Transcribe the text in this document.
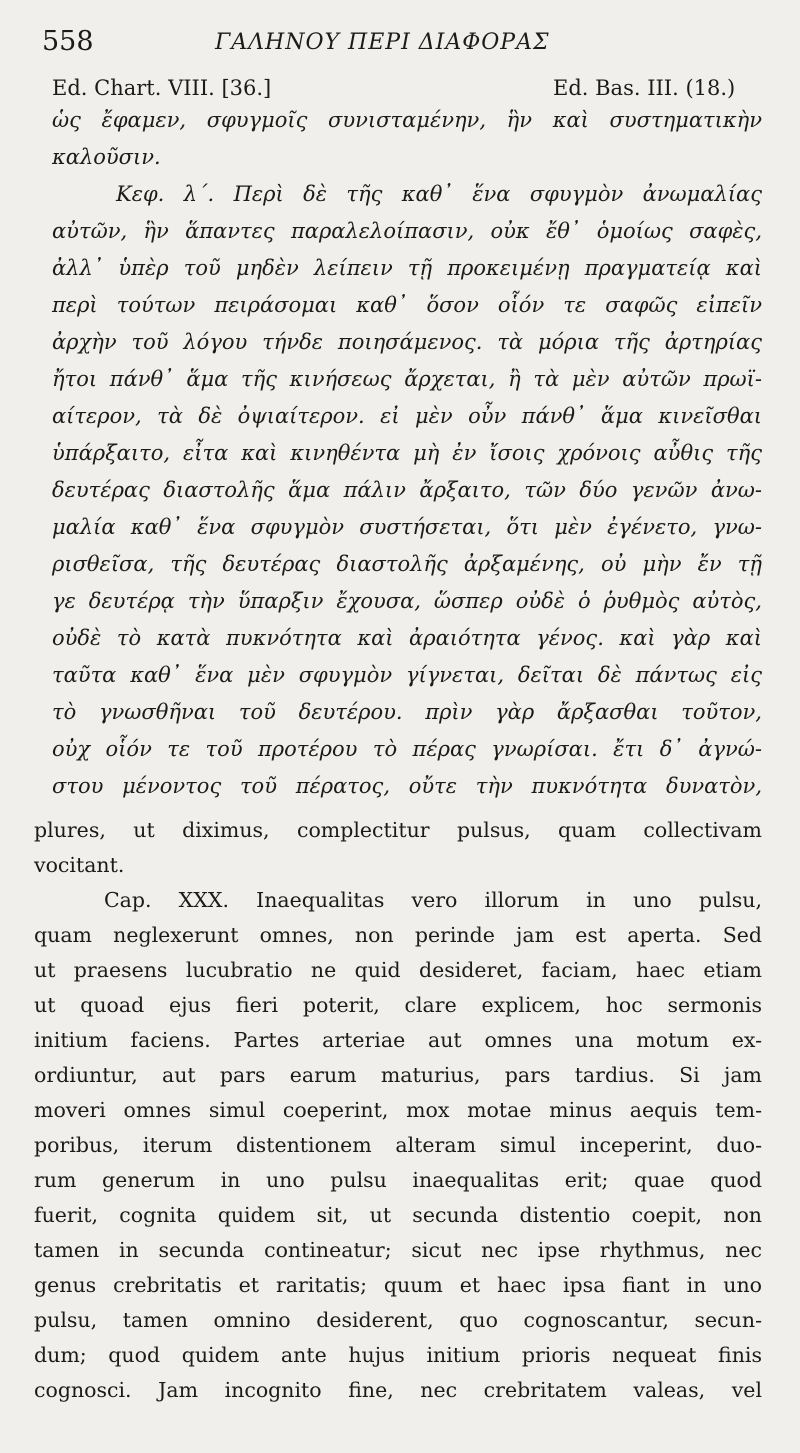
558	ΓΑΛΗΝΟΥ ΠΕΡΙ ΔΙΑΦΟΡΑΣ
Ed. Chart. VIII. [36.]	Ed. Bas. III. (18.)
ὡς ἔφαμεν, σφυγμοῖς συνισταμένην, ἣν καὶ συστηματικὴν
καλοῦσιν.
Κεφ. λ΄. Περὶ δὲ τῆς καθ᾽ ἕνα σφυγμὸν ἀνωμαλίας
αὐτῶν, ἣν ἅπαντες παραλελοίπασιν, οὐκ ἔθ᾽ ὁμοίως σαφὲς,
ἀλλ᾽ ὑπὲρ τοῦ μηδὲν λείπειν τῇ προκειμένῃ πραγματείᾳ καὶ
περὶ τούτων πειράσομαι καθ᾽ ὅσον οἷόν τε σαφῶς εἰπεῖν
ἀρχὴν τοῦ λόγου τήνδε ποιησάμενος. τὰ μόρια τῆς ἀρτηρίας
ἤτοι πάνθ᾽ ἅμα τῆς κινήσεως ἄρχεται, ἢ τὰ μὲν αὐτῶν πρωϊ-
αίτερον, τὰ δὲ ὀψιαίτερον. εἰ μὲν οὖν πάνθ᾽ ἅμα κινεῖσθαι
ὑπάρξαιτο, εἶτα καὶ κινηθέντα μὴ ἐν ἴσοις χρόνοις αὖθις τῆς
δευτέρας διαστολῆς ἅμα πάλιν ἄρξαιτο, τῶν δύο γενῶν ἀνω-
μαλία καθ᾽ ἕνα σφυγμὸν συστήσεται, ὅτι μὲν ἐγένετο, γνω-
ρισθεῖσα, τῆς δευτέρας διαστολῆς ἀρξαμένης, οὐ μὴν ἔν τῇ
γε δευτέρᾳ τὴν ὕπαρξιν ἔχουσα, ὥσπερ οὐδὲ ὁ ῥυθμὸς αὐτὸς,
οὐδὲ τὸ κατὰ πυκνότητα καὶ ἀραιότητα γένος. καὶ γὰρ καὶ
ταῦτα καθ᾽ ἕνα μὲν σφυγμὸν γίγνεται, δεῖται δὲ πάντως εἰς
τὸ γνωσθῆναι τοῦ δευτέρου. πρὶν γὰρ ἄρξασθαι τοῦτον,
οὐχ οἷόν τε τοῦ προτέρου τὸ πέρας γνωρίσαι. ἔτι δ᾽ ἀγνώ-
στου μένοντος τοῦ πέρατος, οὔτε τὴν πυκνότητα δυνατὸν,
plures, ut diximus, complectitur pulsus, quam collectivam
vocitant.
Cap. XXX. Inaequalitas vero illorum in uno pulsu,
quam neglexerunt omnes, non perinde jam est aperta. Sed
ut praesens lucubratio ne quid desideret, faciam, haec etiam
ut quoad ejus fieri poterit, clare explicem, hoc sermonis
initium faciens. Partes arteriae aut omnes una motum ex-
ordiuntur, aut pars earum maturius, pars tardius. Si jam
moveri omnes simul coeperint, mox motae minus aequis tem-
poribus, iterum distentionem alteram simul inceperint, duo-
rum generum in uno pulsu inaequalitas erit; quae quod
fuerit, cognita quidem sit, ut secunda distentio coepit, non
tamen in secunda contineatur; sicut nec ipse rhythmus, nec
genus crebritatis et raritatis; quum et haec ipsa fiant in uno
pulsu, tamen omnino desiderent, quo cognoscantur, secun-
dum; quod quidem ante hujus initium prioris nequeat finis
cognosci. Jam incognito fine, nec crebritatem valeas, vel
